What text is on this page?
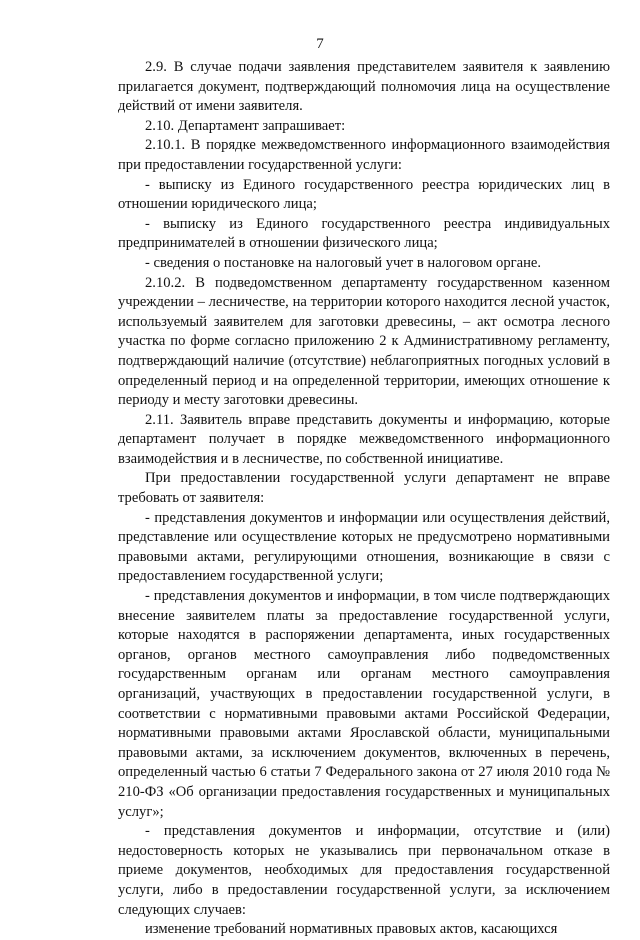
7

2.9. В случае подачи заявления представителем заявителя к заявлению прилагается документ, подтверждающий полномочия лица на осуществление действий от имени заявителя.

2.10. Департамент запрашивает:

2.10.1. В порядке межведомственного информационного взаимодействия при предоставлении государственной услуги:

- выписку из Единого государственного реестра юридических лиц в отношении юридического лица;

- выписку из Единого государственного реестра индивидуальных предпринимателей в отношении физического лица;

- сведения о постановке на налоговый учет в налоговом органе.

2.10.2. В подведомственном департаменту государственном казенном учреждении – лесничестве, на территории которого находится лесной участок, используемый заявителем для заготовки древесины, – акт осмотра лесного участка по форме согласно приложению 2 к Административному регламенту, подтверждающий наличие (отсутствие) неблагоприятных погодных условий в определенный период и на определенной территории, имеющих отношение к периоду и месту заготовки древесины.

2.11. Заявитель вправе представить документы и информацию, которые департамент получает в порядке межведомственного информационного взаимодействия и в лесничестве, по собственной инициативе.

При предоставлении государственной услуги департамент не вправе требовать от заявителя:

- представления документов и информации или осуществления действий, представление или осуществление которых не предусмотрено нормативными правовыми актами, регулирующими отношения, возникающие в связи с предоставлением государственной услуги;

- представления документов и информации, в том числе подтверждающих внесение заявителем платы за предоставление государственной услуги, которые находятся в распоряжении департамента, иных государственных органов, органов местного самоуправления либо подведомственных государственным органам или органам местного самоуправления организаций, участвующих в предоставлении государственной услуги, в соответствии с нормативными правовыми актами Российской Федерации, нормативными правовыми актами Ярославской области, муниципальными правовыми актами, за исключением документов, включенных в перечень, определенный частью 6 статьи 7 Федерального закона от 27 июля 2010 года № 210-ФЗ «Об организации предоставления государственных и муниципальных услуг»;

- представления документов и информации, отсутствие и (или) недостоверность которых не указывались при первоначальном отказе в приеме документов, необходимых для предоставления государственной услуги, либо в предоставлении государственной услуги, за исключением следующих случаев:

изменение требований нормативных правовых актов, касающихся
